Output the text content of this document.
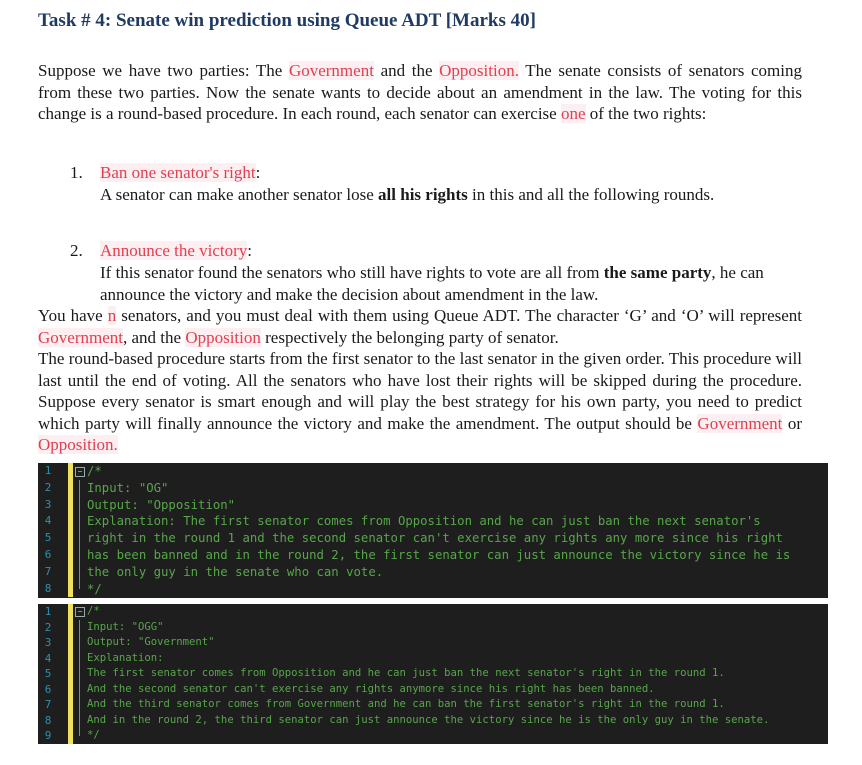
Task # 4: Senate win prediction using Queue ADT [Marks 40]
Suppose we have two parties: The Government and the Opposition. The senate consists of senators coming from these two parties. Now the senate wants to decide about an amendment in the law. The voting for this change is a round-based procedure. In each round, each senator can exercise one of the two rights:
1.	Ban one senator's right:
A senator can make another senator lose all his rights in this and all the following rounds.
2.	Announce the victory:
If this senator found the senators who still have rights to vote are all from the same party, he can announce the victory and make the decision about amendment in the law.
You have n senators, and you must deal with them using Queue ADT. The character ‘G’ and ‘O’ will represent Government, and the Opposition respectively the belonging party of senator.
The round-based procedure starts from the first senator to the last senator in the given order. This procedure will last until the end of voting. All the senators who have lost their rights will be skipped during the procedure. Suppose every senator is smart enough and will play the best strategy for his own party, you need to predict which party will finally announce the victory and make the amendment. The output should be Government or Opposition.
1	− /*
2	Input: "OG"
3	Output: "Opposition"
4	Explanation: The first senator comes from Opposition and he can just ban the next senator's
5	right in the round 1 and the second senator can't exercise any rights any more since his right
6	has been banned and in the round 2, the first senator can just announce the victory since he is
7	the only guy in the senate who can vote.
8	*/
1	− /*
2	Input: "OGG"
3	Output: "Government"
4	Explanation:
5	The first senator comes from Opposition and he can just ban the next senator's right in the round 1.
6	And the second senator can't exercise any rights anymore since his right has been banned.
7	And the third senator comes from Government and he can ban the first senator's right in the round 1.
8	And in the round 2, the third senator can just announce the victory since he is the only guy in the senate.
9	*/
